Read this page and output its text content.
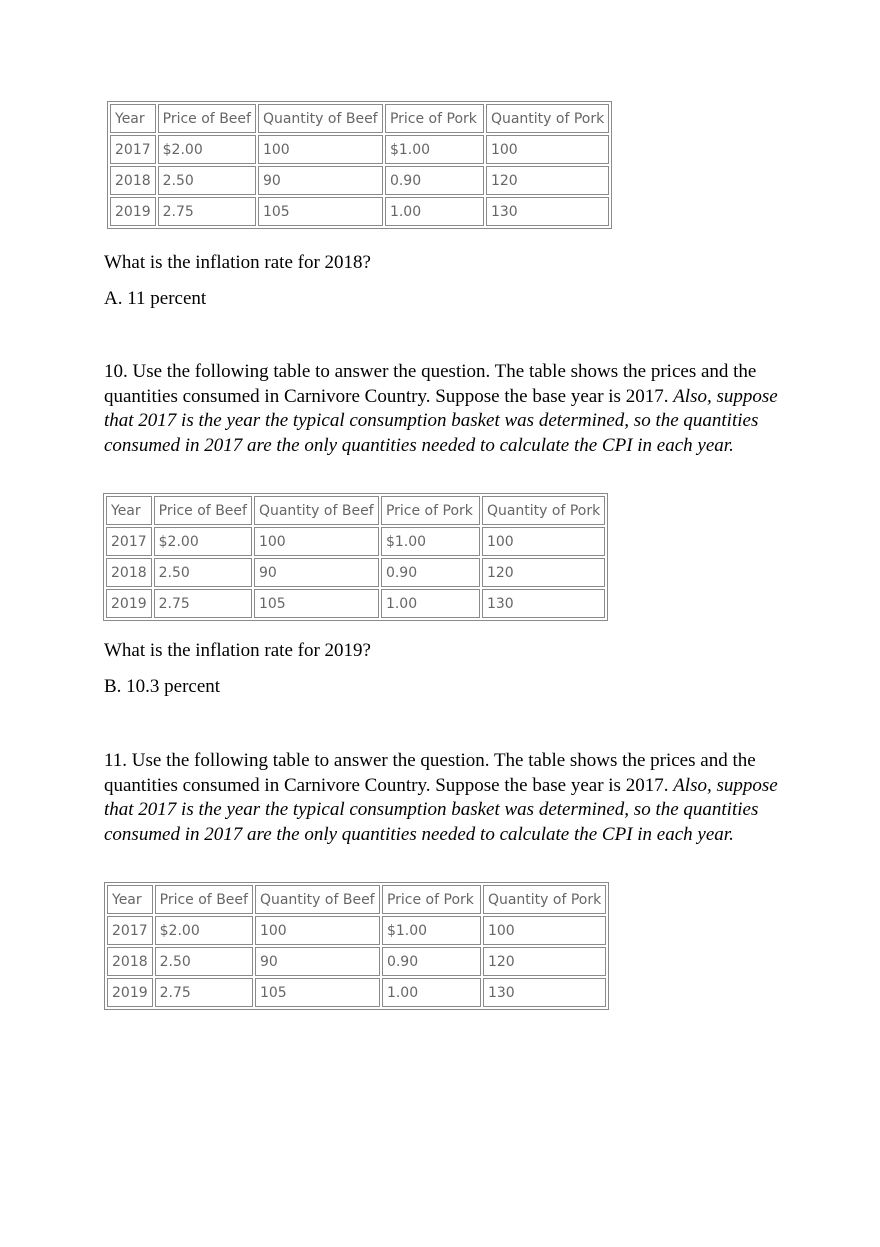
Year	Price of Beef	Quantity of Beef	Price of Pork	Quantity of Pork
2017	$2.00	100	$1.00	100
2018	2.50	90	0.90	120
2019	2.75	105	1.00	130

What is the inflation rate for 2018?

A. 11 percent

10. Use the following table to answer the question. The table shows the prices and the quantities consumed in Carnivore Country. Suppose the base year is 2017. Also, suppose that 2017 is the year the typical consumption basket was determined, so the quantities consumed in 2017 are the only quantities needed to calculate the CPI in each year.

Year	Price of Beef	Quantity of Beef	Price of Pork	Quantity of Pork
2017	$2.00	100	$1.00	100
2018	2.50	90	0.90	120
2019	2.75	105	1.00	130

What is the inflation rate for 2019?

B. 10.3 percent

11. Use the following table to answer the question. The table shows the prices and the quantities consumed in Carnivore Country. Suppose the base year is 2017. Also, suppose that 2017 is the year the typical consumption basket was determined, so the quantities consumed in 2017 are the only quantities needed to calculate the CPI in each year.

Year	Price of Beef	Quantity of Beef	Price of Pork	Quantity of Pork
2017	$2.00	100	$1.00	100
2018	2.50	90	0.90	120
2019	2.75	105	1.00	130
